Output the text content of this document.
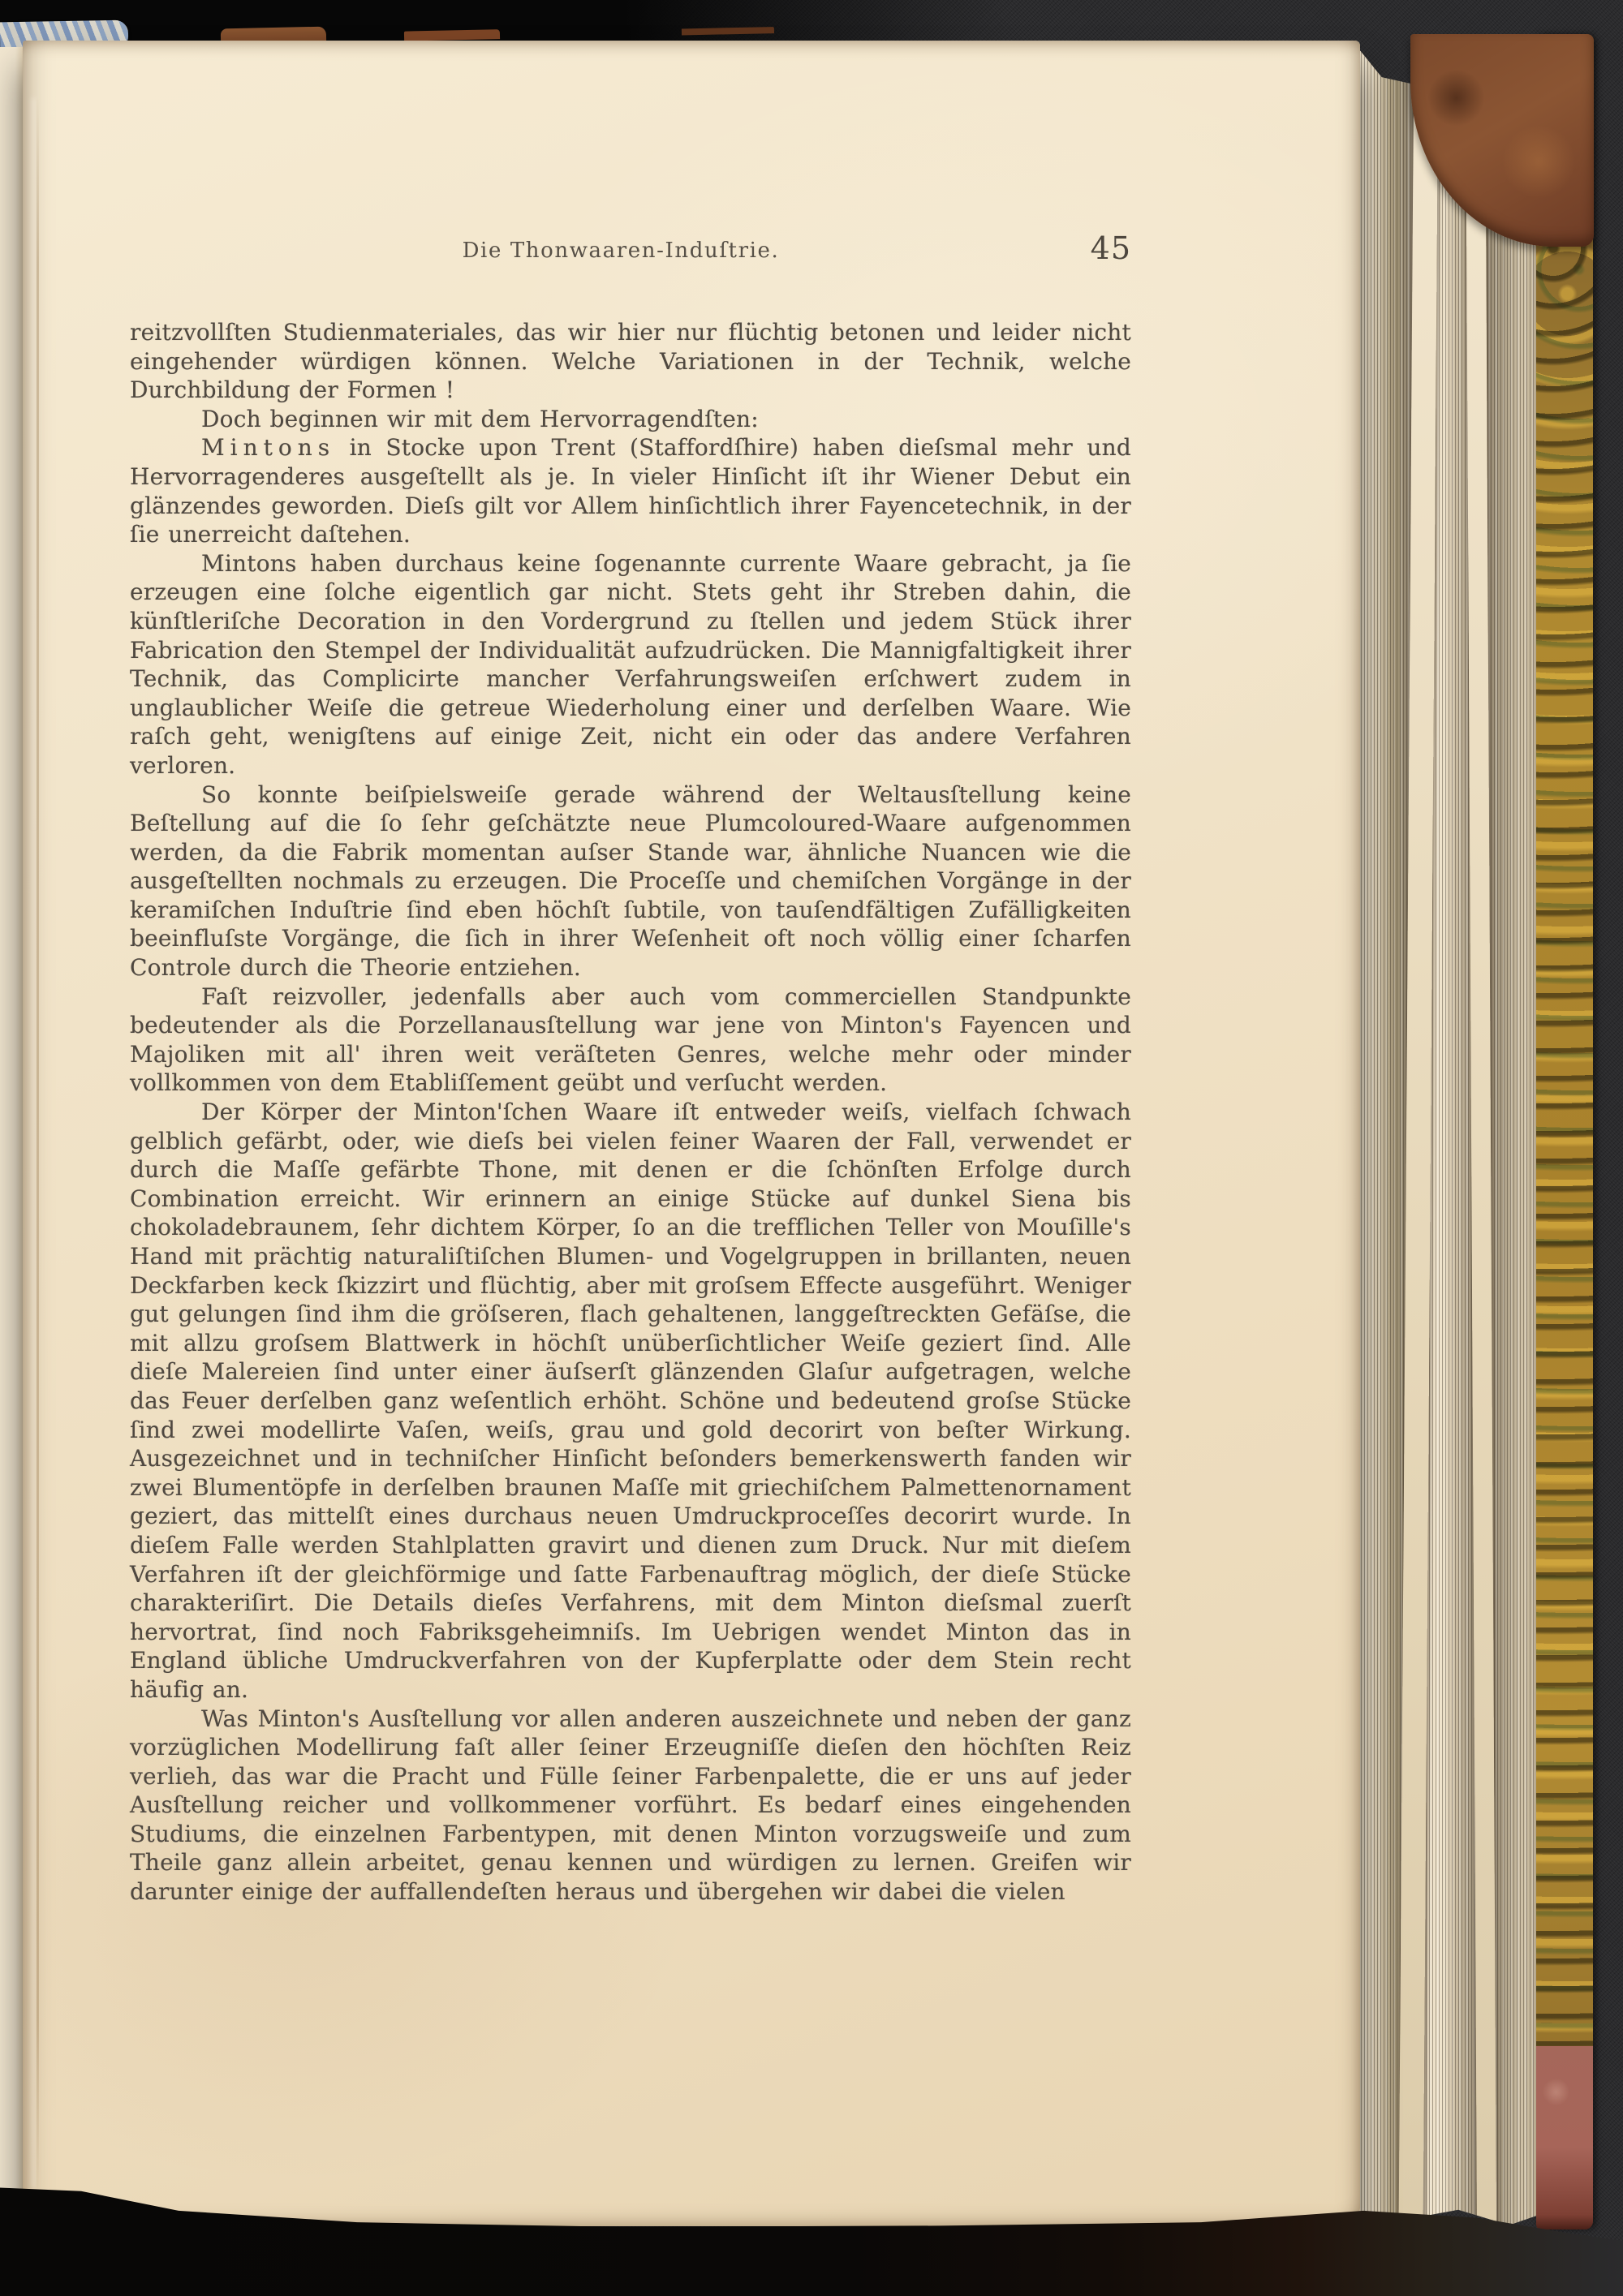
Die Thonwaaren-Induſtrie.	45

reitzvollſten Studienmateriales, das wir hier nur flüchtig betonen und leider nicht eingehender würdigen können. Welche Variationen in der Technik, welche Durchbildung der Formen !

Doch beginnen wir mit dem Hervorragendſten:

Mintons in Stocke upon Trent (Staffordſhire) haben dieſsmal mehr und Hervorragenderes ausgeſtellt als je. In vieler Hinſicht iſt ihr Wiener Debut ein glänzendes geworden. Dieſs gilt vor Allem hinſichtlich ihrer Fayencetechnik, in der ſie unerreicht daſtehen.

Mintons haben durchaus keine ſogenannte currente Waare gebracht, ja ſie erzeugen eine ſolche eigentlich gar nicht. Stets geht ihr Streben dahin, die künſtleriſche Decoration in den Vordergrund zu ſtellen und jedem Stück ihrer Fabrication den Stempel der Individualität aufzudrücken. Die Mannigfaltigkeit ihrer Technik, das Complicirte mancher Verfahrungsweiſen erſchwert zudem in unglaublicher Weiſe die getreue Wiederholung einer und derſelben Waare. Wie raſch geht, wenigſtens auf einige Zeit, nicht ein oder das andere Verfahren verloren.

So konnte beiſpielsweiſe gerade während der Weltausſtellung keine Beſtellung auf die ſo ſehr geſchätzte neue Plumcoloured-Waare aufgenommen werden, da die Fabrik momentan auſser Stande war, ähnliche Nuancen wie die ausgeſtellten nochmals zu erzeugen. Die Proceſſe und chemiſchen Vorgänge in der keramiſchen Induſtrie ſind eben höchſt ſubtile, von tauſendfältigen Zufälligkeiten beeinfluſste Vorgänge, die ſich in ihrer Weſenheit oft noch völlig einer ſcharfen Controle durch die Theorie entziehen.

Faſt reizvoller, jedenfalls aber auch vom commerciellen Standpunkte bedeutender als die Porzellanausſtellung war jene von Minton's Fayencen und Majoliken mit all' ihren weit veräſteten Genres, welche mehr oder minder vollkommen von dem Etabliſſement geübt und verſucht werden.

Der Körper der Minton'ſchen Waare iſt entweder weiſs, vielfach ſchwach gelblich gefärbt, oder, wie dieſs bei vielen feiner Waaren der Fall, verwendet er durch die Maſſe gefärbte Thone, mit denen er die ſchönſten Erfolge durch Combination erreicht. Wir erinnern an einige Stücke auf dunkel Siena bis chokoladebraunem, ſehr dichtem Körper, ſo an die trefflichen Teller von Mouſille's Hand mit prächtig naturaliſtiſchen Blumen- und Vogelgruppen in brillanten, neuen Deckfarben keck ſkizzirt und flüchtig, aber mit groſsem Effecte ausgeführt. Weniger gut gelungen ſind ihm die gröſseren, flach gehaltenen, langgeſtreckten Gefäſse, die mit allzu groſsem Blattwerk in höchſt unüberſichtlicher Weiſe geziert ſind. Alle dieſe Malereien ſind unter einer äuſserſt glänzenden Glaſur aufgetragen, welche das Feuer derſelben ganz weſentlich erhöht. Schöne und bedeutend groſse Stücke ſind zwei modellirte Vaſen, weiſs, grau und gold decorirt von beſter Wirkung. Ausgezeichnet und in techniſcher Hinſicht beſonders bemerkenswerth fanden wir zwei Blumentöpfe in derſelben braunen Maſſe mit griechiſchem Palmettenornament geziert, das mittelſt eines durchaus neuen Umdruckproceſſes decorirt wurde. In dieſem Falle werden Stahlplatten gravirt und dienen zum Druck. Nur mit dieſem Verfahren iſt der gleichförmige und ſatte Farbenauftrag möglich, der dieſe Stücke charakteriſirt. Die Details dieſes Verfahrens, mit dem Minton dieſsmal zuerſt hervortrat, ſind noch Fabriksgeheimniſs. Im Uebrigen wendet Minton das in England übliche Umdruckverfahren von der Kupferplatte oder dem Stein recht häufig an.

Was Minton's Ausſtellung vor allen anderen auszeichnete und neben der ganz vorzüglichen Modellirung faſt aller ſeiner Erzeugniſſe dieſen den höchſten Reiz verlieh, das war die Pracht und Fülle ſeiner Farbenpalette, die er uns auf jeder Ausſtellung reicher und vollkommener vorführt. Es bedarf eines eingehenden Studiums, die einzelnen Farbentypen, mit denen Minton vorzugsweiſe und zum Theile ganz allein arbeitet, genau kennen und würdigen zu lernen. Greifen wir darunter einige der auffallendeſten heraus und übergehen wir dabei die vielen
